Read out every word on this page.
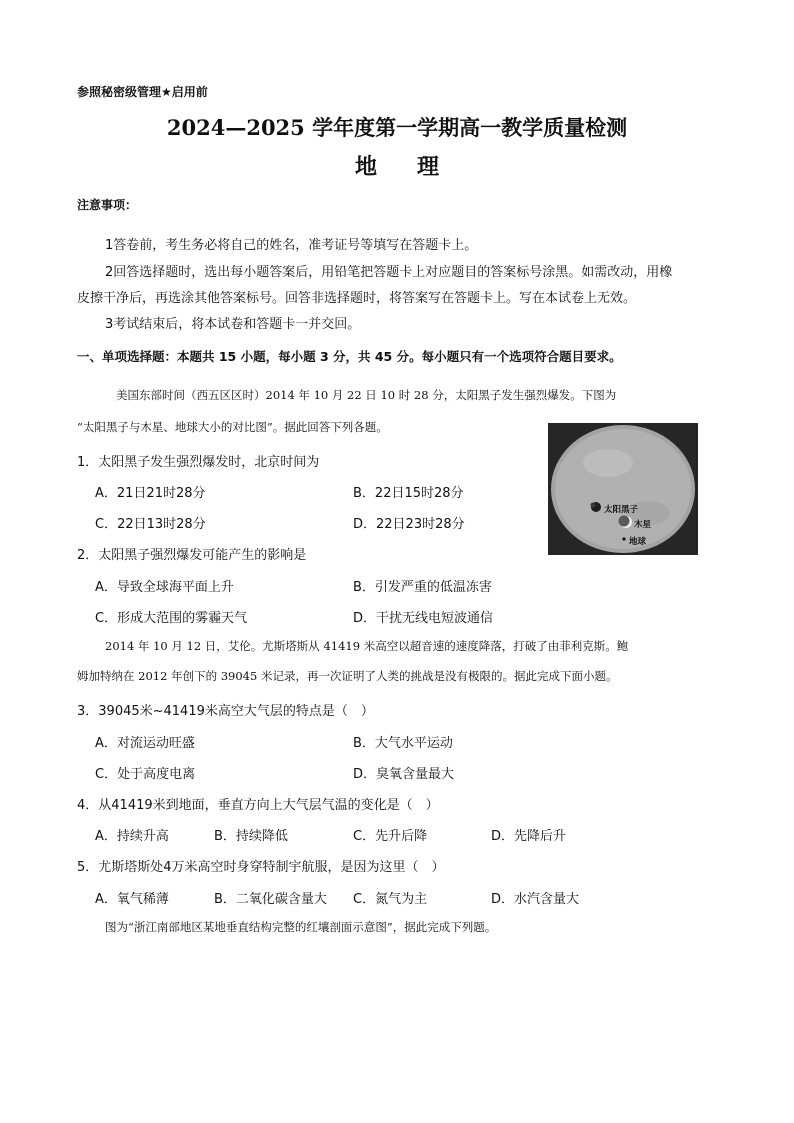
参照秘密级管理★启用前
2024—2025 学年度第一学期高一教学质量检测
地理
注意事项：
1答卷前，考生务必将自己的姓名，准考证号等填写在答题卡上。
2回答选择题时，选出每小题答案后，用铅笔把答题卡上对应题目的答案标号涂黑。如需改动，用橡
皮擦干净后，再选涂其他答案标号。回答非选择题时，将答案写在答题卡上。写在本试卷上无效。
3考试结束后，将本试卷和答题卡一并交回。
一、单项选择题：本题共 15 小题，每小题 3 分，共 45 分。每小题只有一个选项符合题目要求。
美国东部时间（西五区区时）2014 年 10 月 22 日 10 时 28 分，太阳黑子发生强烈爆发。下图为
“太阳黑子与木星、地球大小的对比图”。据此回答下列各题。
太阳黑子
木星
地球
1．太阳黑子发生强烈爆发时，北京时间为
A．21日21时28分	B．22日15时28分
C．22日13时28分	D．22日23时28分
2．太阳黑子强烈爆发可能产生的影响是
A．导致全球海平面上升	B．引发严重的低温冻害
C．形成大范围的雾霾天气	D．干扰无线电短波通信
2014 年 10 月 12 日，艾伦。尤斯塔斯从 41419 米高空以超音速的速度降落，打破了由菲利克斯。鲍
姆加特纳在 2012 年创下的 39045 米记录，再一次证明了人类的挑战是没有极限的。据此完成下面小题。
3．39045米~41419米高空大气层的特点是（　）
A．对流运动旺盛	B．大气水平运动
C．处于高度电离	D．臭氧含量最大
4．从41419米到地面，垂直方向上大气层气温的变化是（　）
A．持续升高	B．持续降低	C．先升后降	D．先降后升
5．尤斯塔斯处4万米高空时身穿特制宇航服，是因为这里（　）
A．氧气稀薄	B．二氧化碳含量大 C．氮气为主	D．水汽含量大
图为“浙江南部地区某地垂直结构完整的红壤剖面示意图”，据此完成下列题。
